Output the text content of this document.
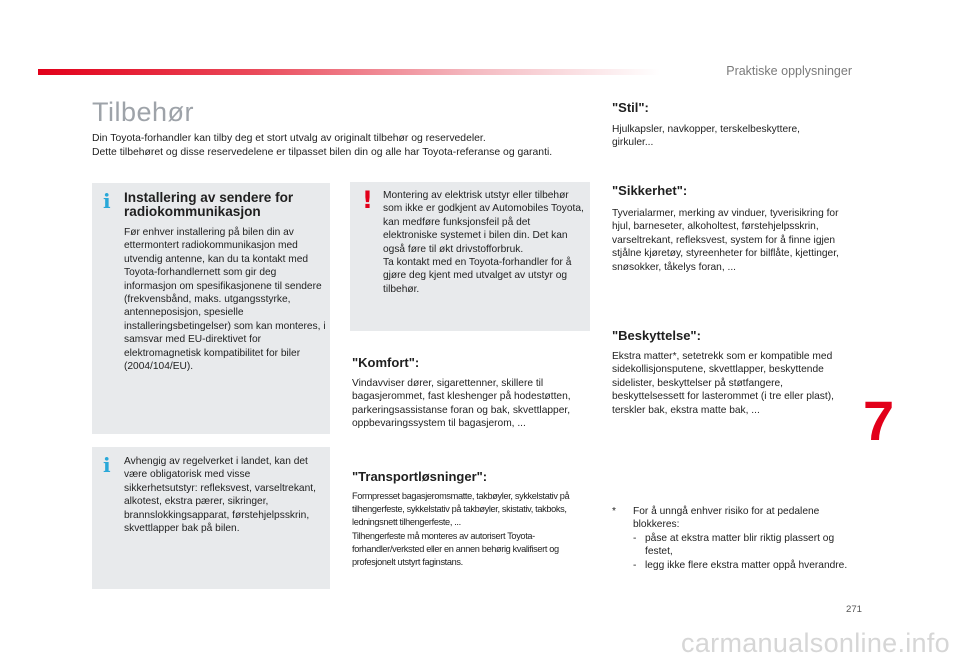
Praktiske opplysninger
Tilbehør

Din Toyota-forhandler kan tilby deg et stort utvalg av originalt tilbehør og reservedeler.
Dette tilbehøret og disse reservedelene er tilpasset bilen din og alle har Toyota-referanse og garanti.

i Installering av sendere for radiokommunikasjon
Før enhver installering på bilen din av ettermontert radiokommunikasjon med utvendig antenne, kan du ta kontakt med Toyota-forhandlernett som gir deg informasjon om spesifikasjonene til sendere (frekvensbånd, maks. utgangsstyrke, antenneposisjon, spesielle installeringsbetingelser) som kan monteres, i samsvar med EU-direktivet for elektromagnetisk kompatibilitet for biler (2004/104/EU).
i Avhengig av regelverket i landet, kan det være obligatorisk med visse sikkerhetsutstyr: refleksvest, varseltrekant, alkotest, ekstra pærer, sikringer, brannslokkingsapparat, førstehjelpsskrin, skvettlapper bak på bilen.
! Montering av elektrisk utstyr eller tilbehør som ikke er godkjent av Automobiles Toyota, kan medføre funksjonsfeil på det elektroniske systemet i bilen din. Det kan også føre til økt drivstofforbruk.
Ta kontakt med en Toyota-forhandler for å gjøre deg kjent med utvalget av utstyr og tilbehør.
"Komfort":
Vindavviser dører, sigarettenner, skillere til bagasjerommet, fast kleshenger på hodestøtten, parkeringsassistanse foran og bak, skvettlapper, oppbevaringssystem til bagasjerom, ...
"Transportløsninger":
Formpresset bagasjeromsmatte, takbøyler, sykkelstativ på tilhengerfeste, sykkelstativ på takbøyler, skistativ, takboks, ledningsnett tilhengerfeste, ...
Tilhengerfeste må monteres av autorisert Toyota-forhandler/verksted eller en annen behørig kvalifisert og profesjonelt utstyrt faginstans.
"Stil":
Hjulkapsler, navkopper, terskelbeskyttere, girkuler...
"Sikkerhet":
Tyverialarmer, merking av vinduer, tyverisikring for hjul, barneseter, alkoholtest, førstehjelpsskrin, varseltrekant, refleksvest, system for å finne igjen stjålne kjøretøy, styreenheter for bilflåte, kjettinger, snøsokker, tåkelys foran, ...
"Beskyttelse":
Ekstra matter*, setetrekk som er kompatible med sidekollisjonsputene, skvettlapper, beskyttende sidelister, beskyttelser på støtfangere, beskyttelsessett for lasterommet (i tre eller plast), terskler bak, ekstra matte bak, ...
*	For å unngå enhver risiko for at pedalene blokkeres:
- påse at ekstra matter blir riktig plassert og festet,
- legg ikke flere ekstra matter oppå hverandre.
7
271
carmanualsonline.info
